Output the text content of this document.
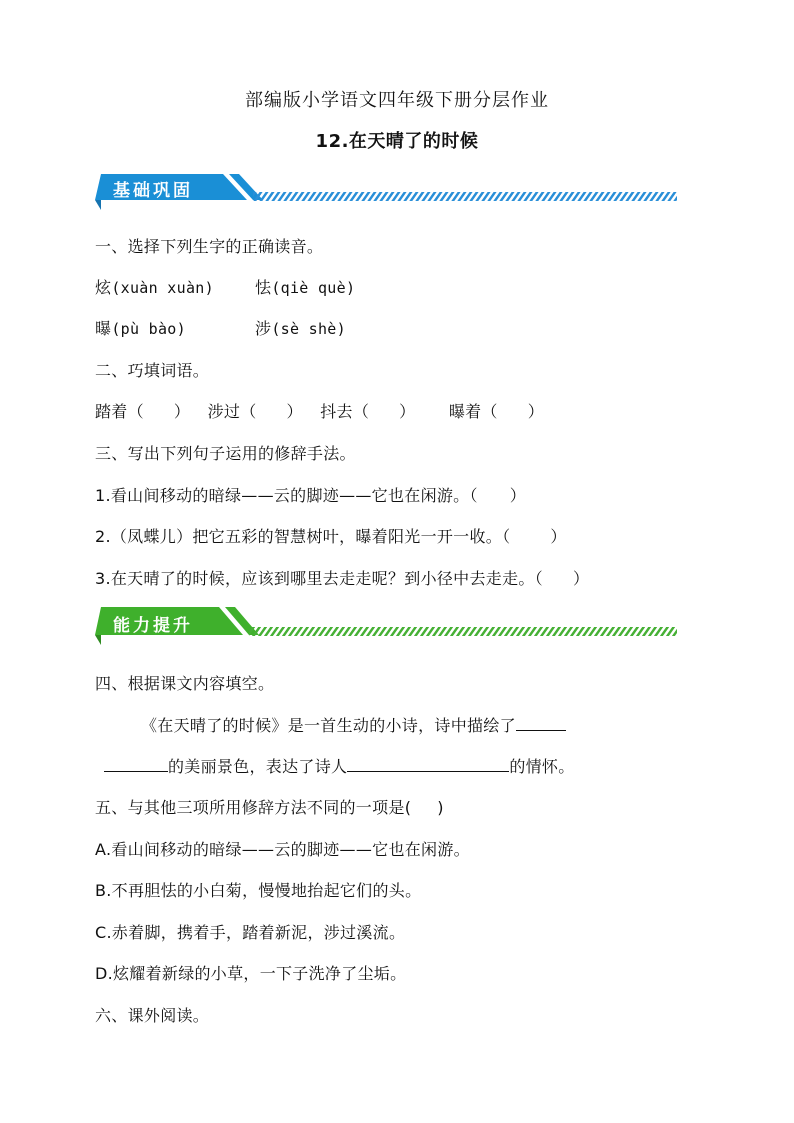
部编版小学语文四年级下册分层作业
12.在天晴了的时候
基础巩固
一、选择下列生字的正确读音。
炫(xuàn xuàn)	怯(qiè què)
曝(pù bào)	涉(sè shè)
二、巧填词语。
踏着（ ） 涉过（ ） 抖去（ ） 曝着（ ）
三、写出下列句子运用的修辞手法。
1.看山间移动的暗绿——云的脚迹——它也在闲游。（ ）
2.（凤蝶儿）把它五彩的智慧树叶，曝着阳光一开一收。（	）
3.在天晴了的时候，应该到哪里去走走呢？到小径中去走走。（ ）
能力提升
四、根据课文内容填空。
《在天晴了的时候》是一首生动的小诗，诗中描绘了
的美丽景色，表达了诗人	的情怀。
五、与其他三项所用修辞方法不同的一项是( )
A.看山间移动的暗绿——云的脚迹——它也在闲游。
B.不再胆怯的小白菊，慢慢地抬起它们的头。
C.赤着脚，携着手，踏着新泥，涉过溪流。
D.炫耀着新绿的小草，一下子洗净了尘垢。
六、课外阅读。
